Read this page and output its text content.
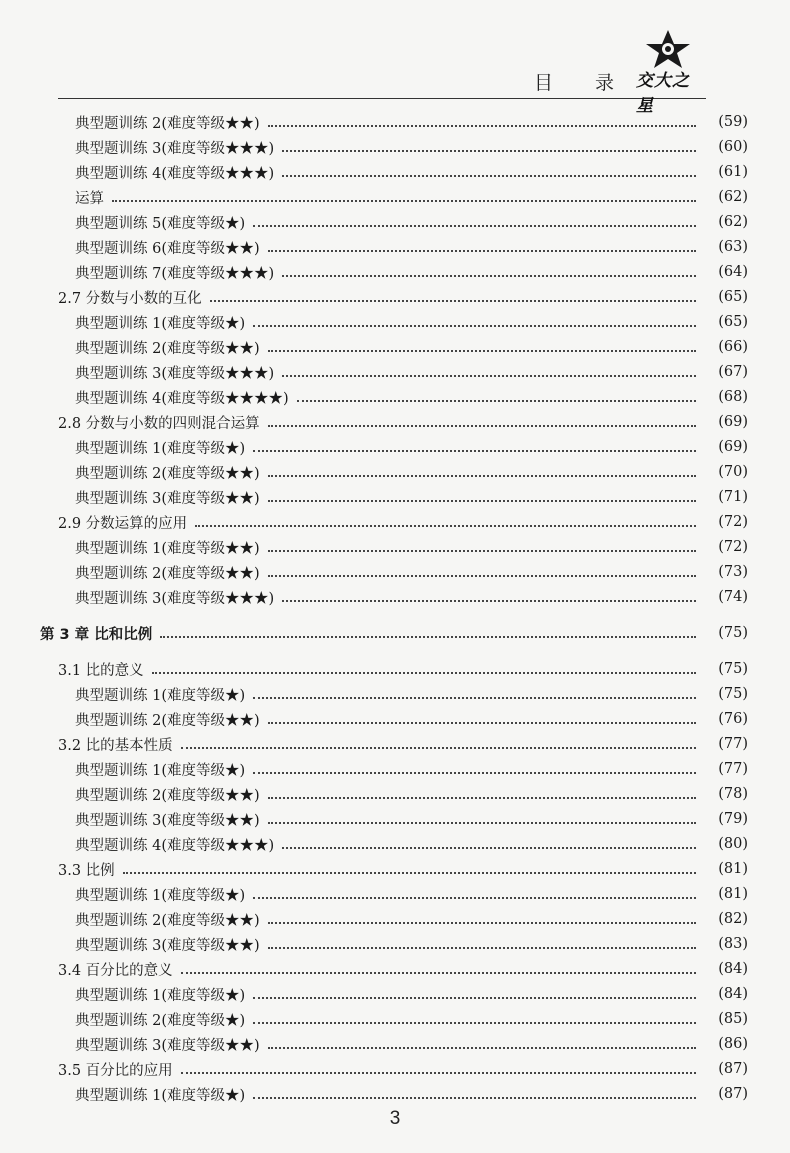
目 录 交大之星
典型题训练 2(难度等级★★)	(59)
典型题训练 3(难度等级★★★)	(60)
典型题训练 4(难度等级★★★)	(61)
运算	(62)
典型题训练 5(难度等级★)	(62)
典型题训练 6(难度等级★★)	(63)
典型题训练 7(难度等级★★★)	(64)
2.7 分数与小数的互化	(65)
典型题训练 1(难度等级★)	(65)
典型题训练 2(难度等级★★)	(66)
典型题训练 3(难度等级★★★)	(67)
典型题训练 4(难度等级★★★★)	(68)
2.8 分数与小数的四则混合运算	(69)
典型题训练 1(难度等级★)	(69)
典型题训练 2(难度等级★★)	(70)
典型题训练 3(难度等级★★)	(71)
2.9 分数运算的应用	(72)
典型题训练 1(难度等级★★)	(72)
典型题训练 2(难度等级★★)	(73)
典型题训练 3(难度等级★★★)	(74)
第 3 章 比和比例	(75)
3.1 比的意义	(75)
典型题训练 1(难度等级★)	(75)
典型题训练 2(难度等级★★)	(76)
3.2 比的基本性质	(77)
典型题训练 1(难度等级★)	(77)
典型题训练 2(难度等级★★)	(78)
典型题训练 3(难度等级★★)	(79)
典型题训练 4(难度等级★★★)	(80)
3.3 比例	(81)
典型题训练 1(难度等级★)	(81)
典型题训练 2(难度等级★★)	(82)
典型题训练 3(难度等级★★)	(83)
3.4 百分比的意义	(84)
典型题训练 1(难度等级★)	(84)
典型题训练 2(难度等级★)	(85)
典型题训练 3(难度等级★★)	(86)
3.5 百分比的应用	(87)
典型题训练 1(难度等级★)	(87)
3
